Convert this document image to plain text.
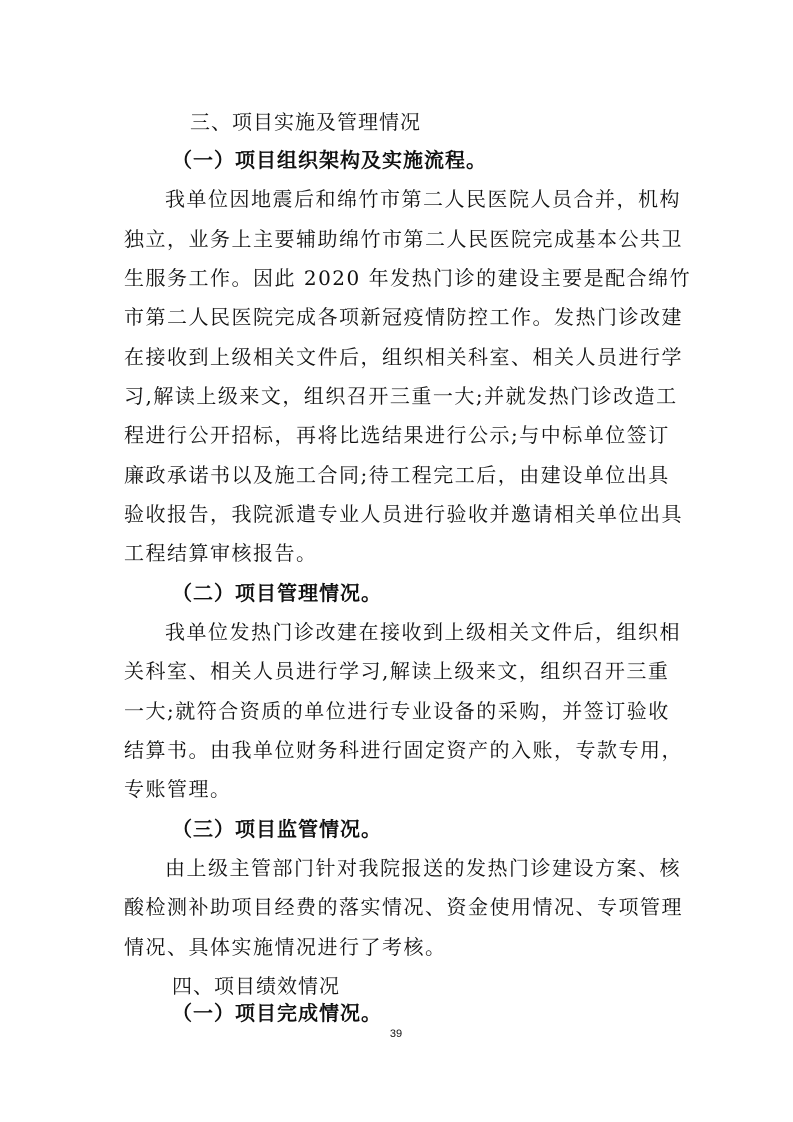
三、项目实施及管理情况
（一）项目组织架构及实施流程。
我单位因地震后和绵竹市第二人民医院人员合并，机构
独立，业务上主要辅助绵竹市第二人民医院完成基本公共卫
生服务工作。因此 2020 年发热门诊的建设主要是配合绵竹
市第二人民医院完成各项新冠疫情防控工作。发热门诊改建
在接收到上级相关文件后，组织相关科室、相关人员进行学
习,解读上级来文，组织召开三重一大;并就发热门诊改造工
程进行公开招标，再将比选结果进行公示;与中标单位签订
廉政承诺书以及施工合同;待工程完工后，由建设单位出具
验收报告，我院派遣专业人员进行验收并邀请相关单位出具
工程结算审核报告。
（二）项目管理情况。
我单位发热门诊改建在接收到上级相关文件后，组织相
关科室、相关人员进行学习,解读上级来文，组织召开三重
一大;就符合资质的单位进行专业设备的采购，并签订验收
结算书。由我单位财务科进行固定资产的入账，专款专用，
专账管理。
（三）项目监管情况。
由上级主管部门针对我院报送的发热门诊建设方案、核
酸检测补助项目经费的落实情况、资金使用情况、专项管理
情况、具体实施情况进行了考核。
四、项目绩效情况
（一）项目完成情况。
39
